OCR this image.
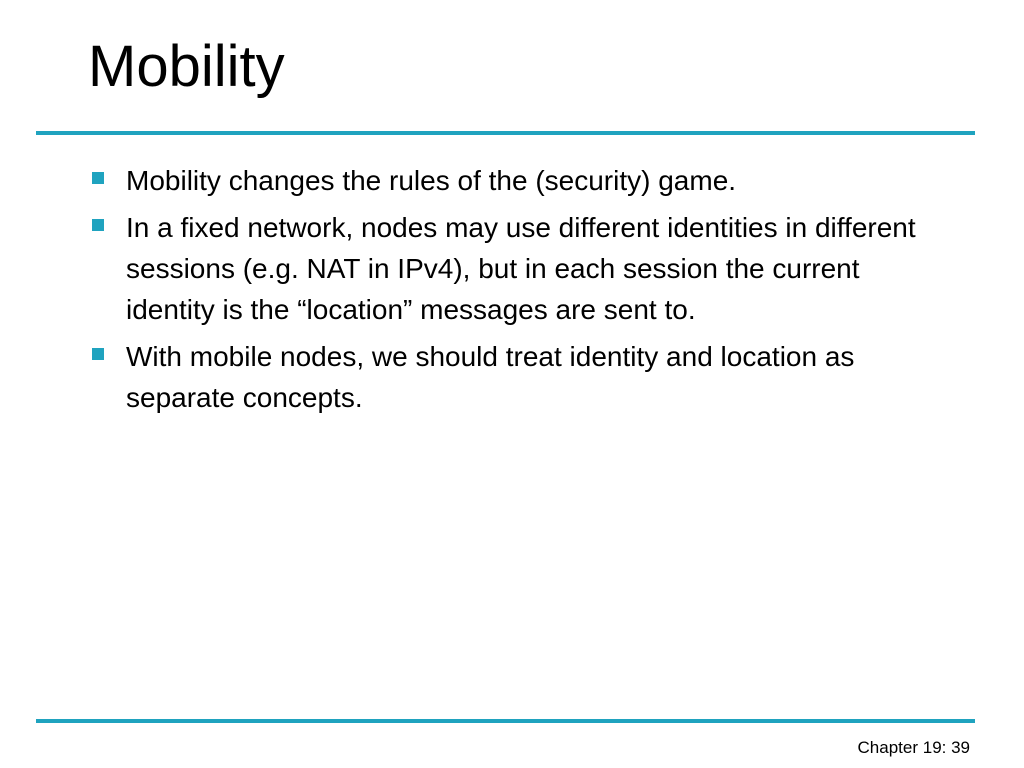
Mobility
Mobility changes the rules of the (security) game.
In a fixed network, nodes may use different identities in different sessions (e.g. NAT in IPv4), but in each session the current identity is the “location” messages are sent to.
With mobile nodes, we should treat identity and location as separate concepts.
Chapter 19: 39
